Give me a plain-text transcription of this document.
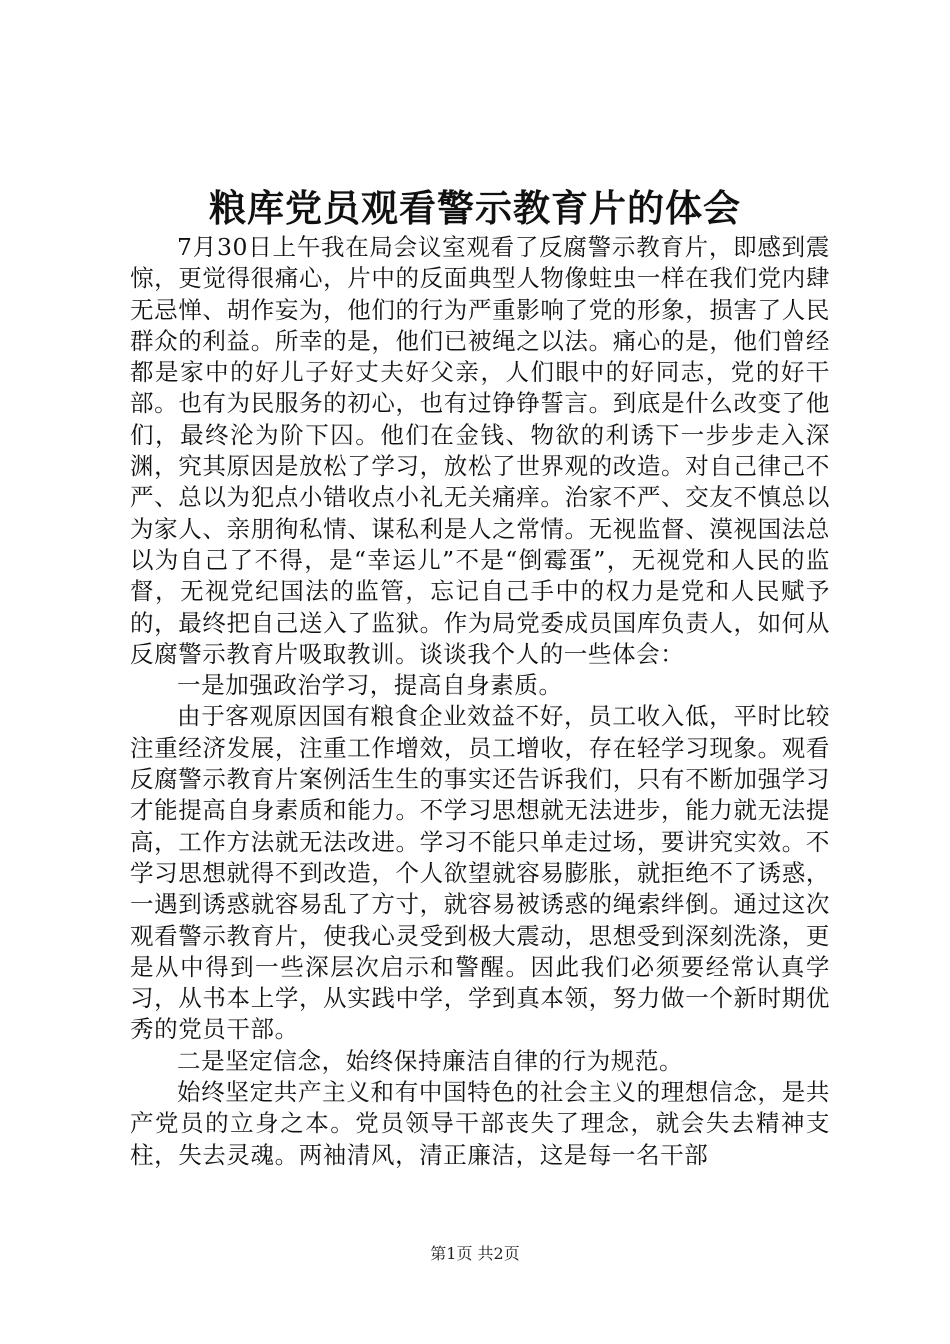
粮库党员观看警示教育片的体会

7月30日上午我在局会议室观看了反腐警示教育片，即感到震惊，更觉得很痛心，片中的反面典型人物像蛀虫一样在我们党内肆无忌惮、胡作妄为，他们的行为严重影响了党的形象，损害了人民群众的利益。所幸的是，他们已被绳之以法。痛心的是，他们曾经都是家中的好儿子好丈夫好父亲，人们眼中的好同志，党的好干部。也有为民服务的初心，也有过铮铮誓言。到底是什么改变了他们，最终沦为阶下囚。他们在金钱、物欲的利诱下一步步走入深渊，究其原因是放松了学习，放松了世界观的改造。对自己律己不严、总以为犯点小错收点小礼无关痛痒。治家不严、交友不慎总以为家人、亲朋徇私情、谋私利是人之常情。无视监督、漠视国法总以为自己了不得，是“幸运儿”不是“倒霉蛋”，无视党和人民的监督，无视党纪国法的监管，忘记自己手中的权力是党和人民赋予的，最终把自己送入了监狱。作为局党委成员国库负责人，如何从反腐警示教育片吸取教训。谈谈我个人的一些体会：

一是加强政治学习，提高自身素质。

由于客观原因国有粮食企业效益不好，员工收入低，平时比较注重经济发展，注重工作增效，员工增收，存在轻学习现象。观看反腐警示教育片案例活生生的事实还告诉我们，只有不断加强学习才能提高自身素质和能力。不学习思想就无法进步，能力就无法提高，工作方法就无法改进。学习不能只单走过场，要讲究实效。不学习思想就得不到改造，个人欲望就容易膨胀，就拒绝不了诱惑，一遇到诱惑就容易乱了方寸，就容易被诱惑的绳索绊倒。通过这次观看警示教育片，使我心灵受到极大震动，思想受到深刻洗涤，更是从中得到一些深层次启示和警醒。因此我们必须要经常认真学习，从书本上学，从实践中学，学到真本领，努力做一个新时期优秀的党员干部。

二是坚定信念，始终保持廉洁自律的行为规范。

始终坚定共产主义和有中国特色的社会主义的理想信念，是共产党员的立身之本。党员领导干部丧失了理念，就会失去精神支柱，失去灵魂。两袖清风，清正廉洁，这是每一名干部

第1页 共2页
